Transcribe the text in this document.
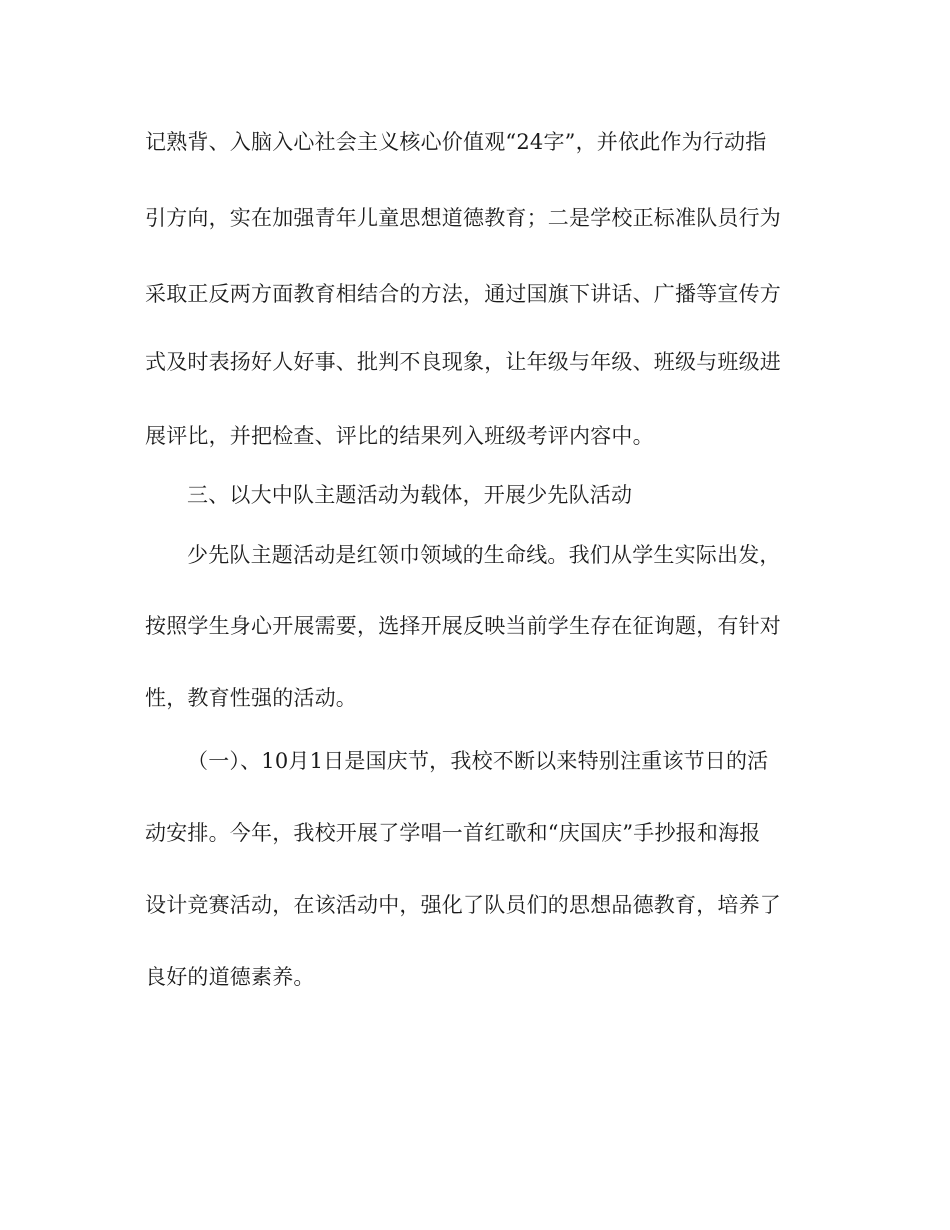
记熟背、入脑入心社会主义核心价值观“24字”，并依此作为行动指

引方向，实在加强青年儿童思想道德教育；二是学校正标准队员行为

采取正反两方面教育相结合的方法，通过国旗下讲话、广播等宣传方

式及时表扬好人好事、批判不良现象，让年级与年级、班级与班级进

展评比，并把检查、评比的结果列入班级考评内容中。

三、以大中队主题活动为载体，开展少先队活动

少先队主题活动是红领巾领域的生命线。我们从学生实际出发，

按照学生身心开展需要，选择开展反映当前学生存在征询题，有针对

性，教育性强的活动。

（一）、10月1日是国庆节，我校不断以来特别注重该节日的活

动安排。今年，我校开展了学唱一首红歌和“庆国庆”手抄报和海报

设计竞赛活动，在该活动中，强化了队员们的思想品德教育，培养了

良好的道德素养。
